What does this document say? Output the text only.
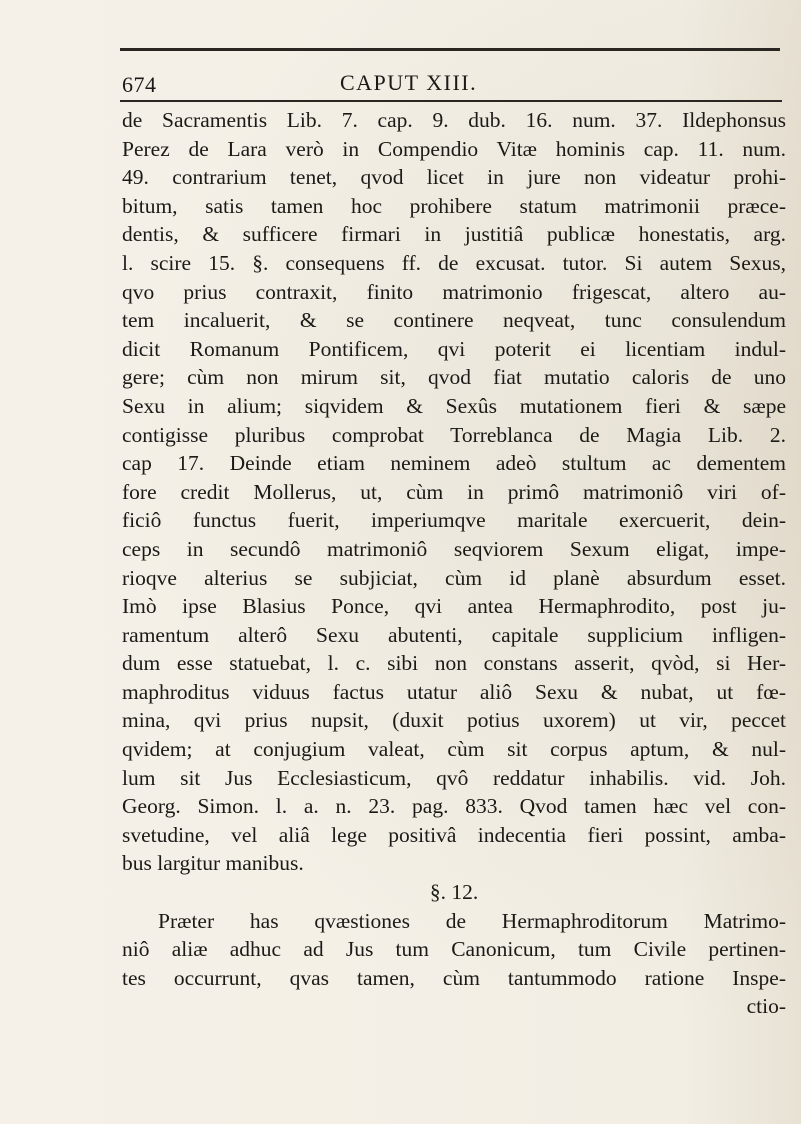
674	CAPUT XIII.
de Sacramentis Lib. 7. cap. 9. dub. 16. num. 37. Ildephonsus
Perez de Lara verò in Compendio Vitæ hominis cap. 11. num.
49. contrarium tenet, qvod licet in jure non videatur prohi-
bitum, satis tamen hoc prohibere statum matrimonii præce-
dentis, & sufficere firmari in justitiâ publicæ honestatis, arg.
l. scire 15. §. consequens ff. de excusat. tutor. Si autem Sexus,
qvo prius contraxit, finito matrimonio frigescat, altero au-
tem incaluerit, & se continere neqveat, tunc consulendum
dicit Romanum Pontificem, qvi poterit ei licentiam indul-
gere; cùm non mirum sit, qvod fiat mutatio caloris de uno
Sexu in alium; siqvidem & Sexûs mutationem fieri & sæpe
contigisse pluribus comprobat Torreblanca de Magia Lib. 2.
cap 17. Deinde etiam neminem adeò stultum ac dementem
fore credit Mollerus, ut, cùm in primô matrimoniô viri of-
ficiô functus fuerit, imperiumqve maritale exercuerit, dein-
ceps in secundô matrimoniô seqviorem Sexum eligat, impe-
rioqve alterius se subjiciat, cùm id planè absurdum esset.
Imò ipse Blasius Ponce, qvi antea Hermaphrodito, post ju-
ramentum alterô Sexu abutenti, capitale supplicium infligen-
dum esse statuebat, l. c. sibi non constans asserit, qvòd, si Her-
maphroditus viduus factus utatur aliô Sexu & nubat, ut fœ-
mina, qvi prius nupsit, (duxit potius uxorem) ut vir, peccet
qvidem; at conjugium valeat, cùm sit corpus aptum, & nul-
lum sit Jus Ecclesiasticum, qvô reddatur inhabilis. vid. Joh.
Georg. Simon. l. a. n. 23. pag. 833. Qvod tamen hæc vel con-
svetudine, vel aliâ lege positivâ indecentia fieri possint, amba-
bus largitur manibus.
§. 12.
Præter has qvæstiones de Hermaphroditorum Matrimo-
niô aliæ adhuc ad Jus tum Canonicum, tum Civile pertinen-
tes occurrunt, qvas tamen, cùm tantummodo ratione Inspe-
ctio-
